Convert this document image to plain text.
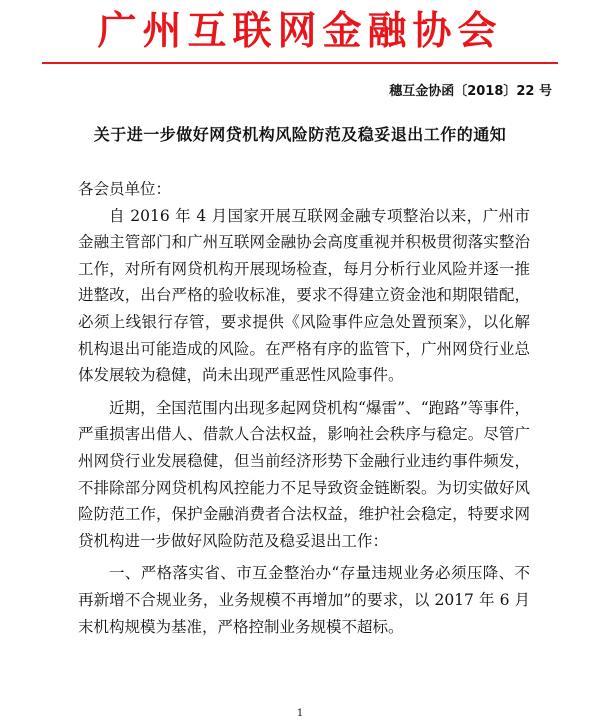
广州互联网金融协会
穗互金协函〔2018〕22 号
关于进一步做好网贷机构风险防范及稳妥退出工作的通知

各会员单位：

自 2016 年 4 月国家开展互联网金融专项整治以来，广州市金融主管部门和广州互联网金融协会高度重视并积极贯彻落实整治工作，对所有网贷机构开展现场检查，每月分析行业风险并逐一推进整改，出台严格的验收标准，要求不得建立资金池和期限错配，必须上线银行存管，要求提供《风险事件应急处置预案》，以化解机构退出可能造成的风险。在严格有序的监管下，广州网贷行业总体发展较为稳健，尚未出现严重恶性风险事件。

近期，全国范围内出现多起网贷机构“爆雷”、“跑路”等事件，严重损害出借人、借款人合法权益，影响社会秩序与稳定。尽管广州网贷行业发展稳健，但当前经济形势下金融行业违约事件频发，不排除部分网贷机构风控能力不足导致资金链断裂。为切实做好风险防范工作，保护金融消费者合法权益，维护社会稳定，特要求网贷机构进一步做好风险防范及稳妥退出工作：

一、严格落实省、市互金整治办“存量违规业务必须压降、不再新增不合规业务，业务规模不再增加”的要求，以 2017 年 6 月末机构规模为基准，严格控制业务规模不超标。

1
